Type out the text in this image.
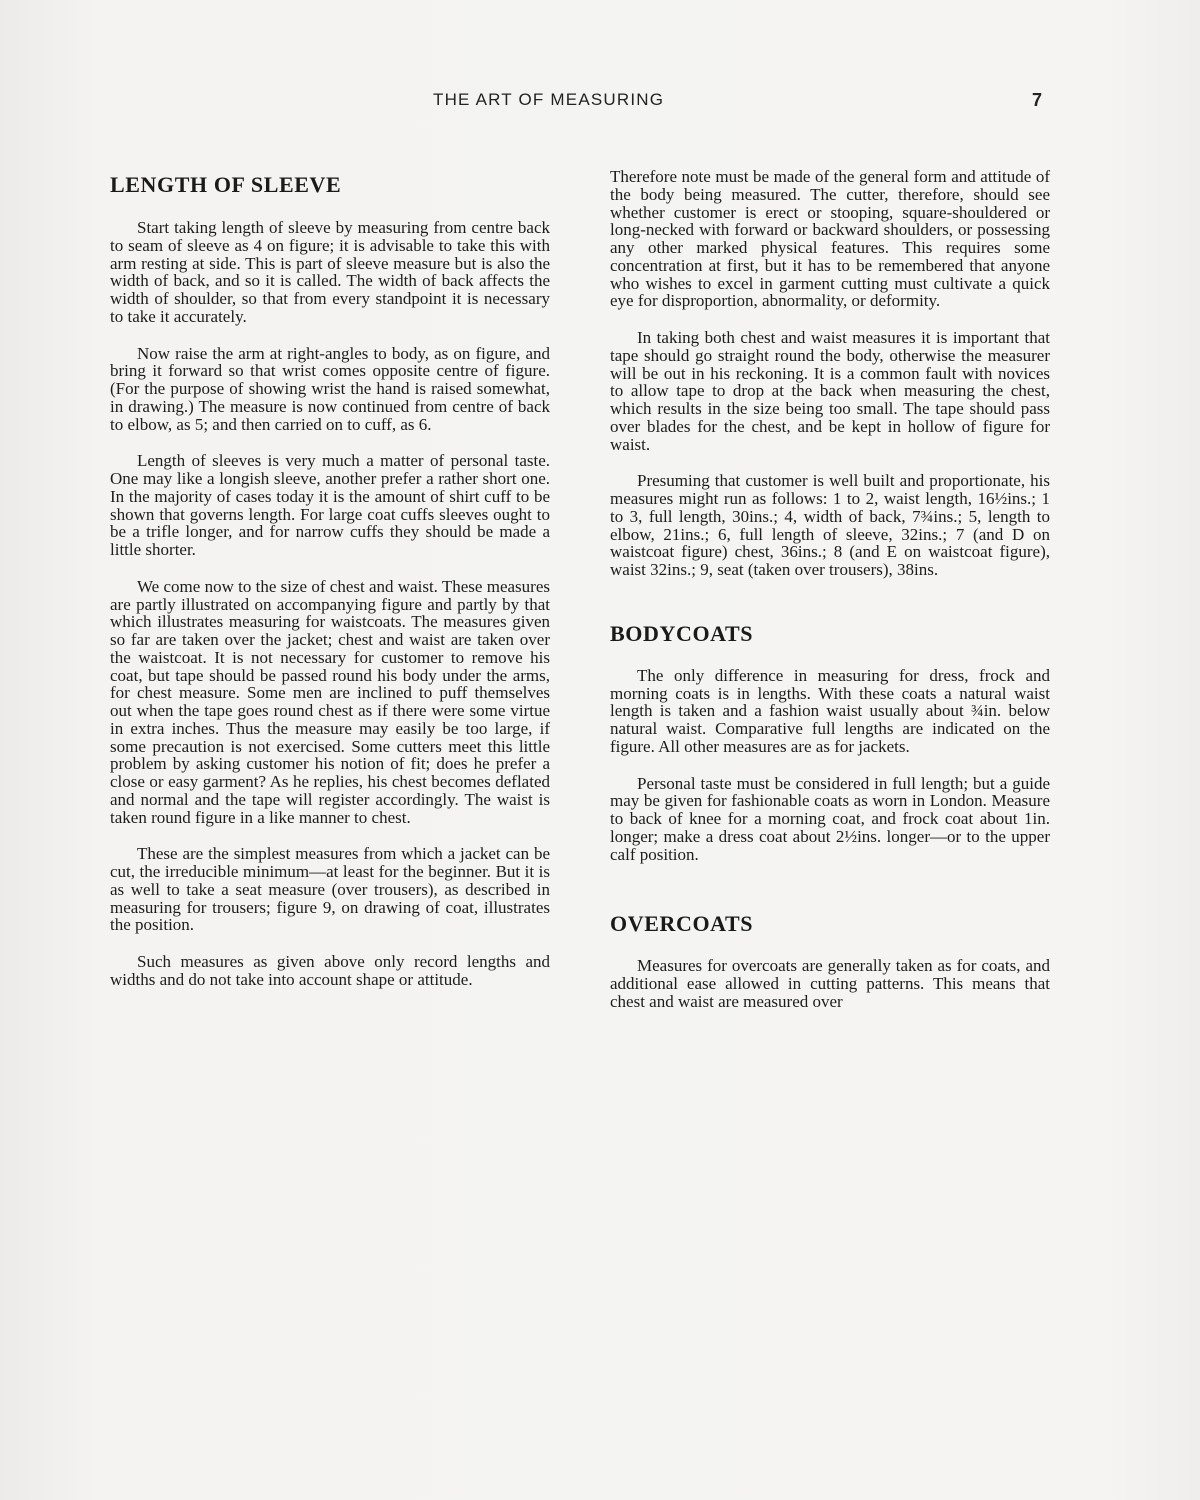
THE ART OF MEASURING	7
LENGTH OF SLEEVE

Start taking length of sleeve by measuring from centre back to seam of sleeve as 4 on figure; it is advisable to take this with arm resting at side. This is part of sleeve measure but is also the width of back, and so it is called. The width of back affects the width of shoulder, so that from every standpoint it is necessary to take it accurately.

Now raise the arm at right-angles to body, as on figure, and bring it forward so that wrist comes opposite centre of figure. (For the purpose of showing wrist the hand is raised somewhat, in drawing.) The measure is now continued from centre of back to elbow, as 5; and then carried on to cuff, as 6.

Length of sleeves is very much a matter of personal taste. One may like a longish sleeve, another prefer a rather short one. In the majority of cases today it is the amount of shirt cuff to be shown that governs length. For large coat cuffs sleeves ought to be a trifle longer, and for narrow cuffs they should be made a little shorter.

We come now to the size of chest and waist. These measures are partly illustrated on accompanying figure and partly by that which illustrates measuring for waistcoats. The measures given so far are taken over the jacket; chest and waist are taken over the waistcoat. It is not necessary for customer to remove his coat, but tape should be passed round his body under the arms, for chest measure. Some men are inclined to puff themselves out when the tape goes round chest as if there were some virtue in extra inches. Thus the measure may easily be too large, if some precaution is not exercised. Some cutters meet this little problem by asking customer his notion of fit; does he prefer a close or easy garment? As he replies, his chest becomes deflated and normal and the tape will register accordingly. The waist is taken round figure in a like manner to chest.

These are the simplest measures from which a jacket can be cut, the irreducible minimum—at least for the beginner. But it is as well to take a seat measure (over trousers), as described in measuring for trousers; figure 9, on drawing of coat, illustrates the position.

Such measures as given above only record lengths and widths and do not take into account shape or attitude.

Therefore note must be made of the general form and attitude of the body being measured. The cutter, therefore, should see whether customer is erect or stooping, square-shouldered or long-necked with forward or backward shoulders, or possessing any other marked physical features. This requires some concentration at first, but it has to be remembered that anyone who wishes to excel in garment cutting must cultivate a quick eye for disproportion, abnormality, or deformity.

In taking both chest and waist measures it is important that tape should go straight round the body, otherwise the measurer will be out in his reckoning. It is a common fault with novices to allow tape to drop at the back when measuring the chest, which results in the size being too small. The tape should pass over blades for the chest, and be kept in hollow of figure for waist.

Presuming that customer is well built and proportionate, his measures might run as follows: 1 to 2, waist length, 16½ins.; 1 to 3, full length, 30ins.; 4, width of back, 7¾ins.; 5, length to elbow, 21ins.; 6, full length of sleeve, 32ins.; 7 (and D on waistcoat figure) chest, 36ins.; 8 (and E on waistcoat figure), waist 32ins.; 9, seat (taken over trousers), 38ins.

BODYCOATS

The only difference in measuring for dress, frock and morning coats is in lengths. With these coats a natural waist length is taken and a fashion waist usually about ¾in. below natural waist. Comparative full lengths are indicated on the figure. All other measures are as for jackets.

Personal taste must be considered in full length; but a guide may be given for fashionable coats as worn in London. Measure to back of knee for a morning coat, and frock coat about 1in. longer; make a dress coat about 2½ins. longer—or to the upper calf position.

OVERCOATS

Measures for overcoats are generally taken as for coats, and additional ease allowed in cutting patterns. This means that chest and waist are measured over
